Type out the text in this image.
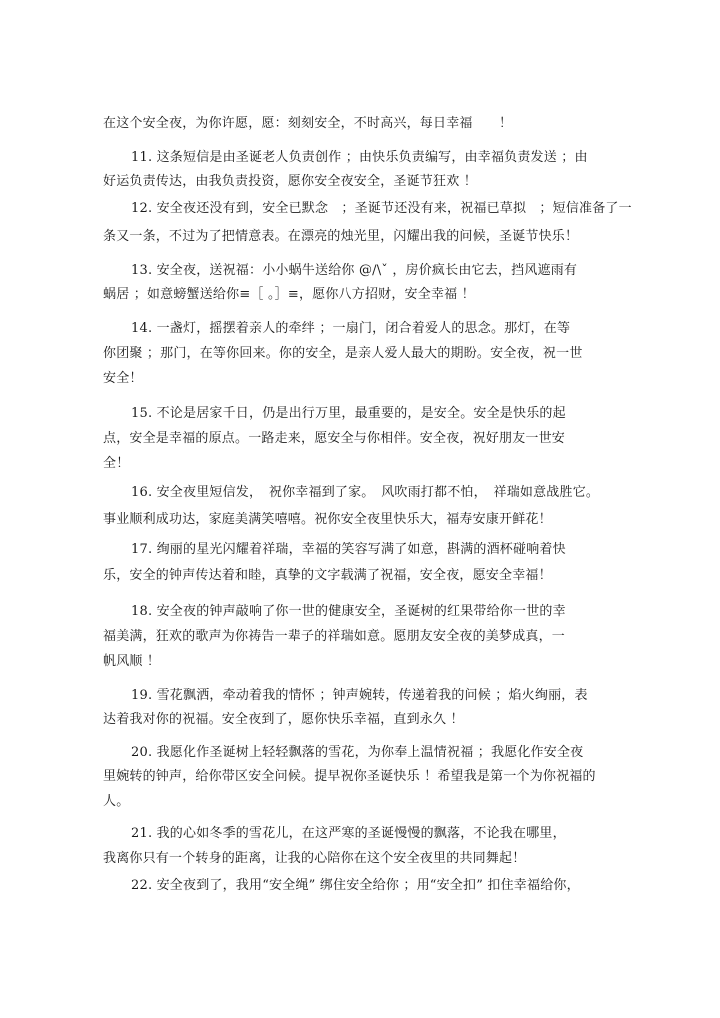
在这个安全夜，为你许愿，愿：刻刻安全，不时高兴，每日幸福　　！
11. 这条短信是由圣诞老人负责创作 ；由快乐负责编写，由幸福负责发送 ；由
好运负责传达，由我负责投资，愿你安全夜安全，圣诞节狂欢 ！
12. 安全夜还没有到，安全已默念　；圣诞节还没有来，祝福已草拟　；短信准备了一
条又一条，不过为了把情意表。在漂亮的烛光里，闪耀出我的问候，圣诞节快乐！
13. 安全夜，送祝福：小小蜗牛送给你 @/\ˇ ，房价疯长由它去，挡风遮雨有
蜗居 ；如意螃蟹送给你≡［ 。］≡，愿你八方招财，安全幸福 ！
14. 一盏灯，摇摆着亲人的牵绊 ；一扇门，闭合着爱人的思念。那灯，在等
你团聚 ；那门，在等你回来。你的安全，是亲人爱人最大的期盼。安全夜，祝一世
安全！
15. 不论是居家千日，仍是出行万里，最重要的，是安全。安全是快乐的起
点，安全是幸福的原点。一路走来，愿安全与你相伴。安全夜，祝好朋友一世安
全！
16. 安全夜里短信发，　祝你幸福到了家。　风吹雨打都不怕，　祥瑞如意战胜它。
事业顺利成功达，家庭美满笑嘻嘻。祝你安全夜里快乐大，福寿安康开鲜花！
17. 绚丽的星光闪耀着祥瑞，幸福的笑容写满了如意，斟满的酒杯碰响着快
乐，安全的钟声传达着和睦，真挚的文字载满了祝福，安全夜，愿安全幸福！
18. 安全夜的钟声敲响了你一世的健康安全，圣诞树的红果带给你一世的幸
福美满，狂欢的歌声为你祷告一辈子的祥瑞如意。愿朋友安全夜的美梦成真，一
帆风顺 ！
19. 雪花飘洒，牵动着我的情怀 ；钟声婉转，传递着我的问候 ；焰火绚丽，表
达着我对你的祝福。安全夜到了，愿你快乐幸福，直到永久 ！
20. 我愿化作圣诞树上轻轻飘落的雪花，为你奉上温情祝福 ；我愿化作安全夜
里婉转的钟声，给你带区安全问候。提早祝你圣诞快乐 ！希望我是第一个为你祝福的
人。
21. 我的心如冬季的雪花儿，在这严寒的圣诞慢慢的飘落，不论我在哪里，
我离你只有一个转身的距离，让我的心陪你在这个安全夜里的共同舞起！
22. 安全夜到了，我用“安全绳” 绑住安全给你 ；用“安全扣” 扣住幸福给你，
